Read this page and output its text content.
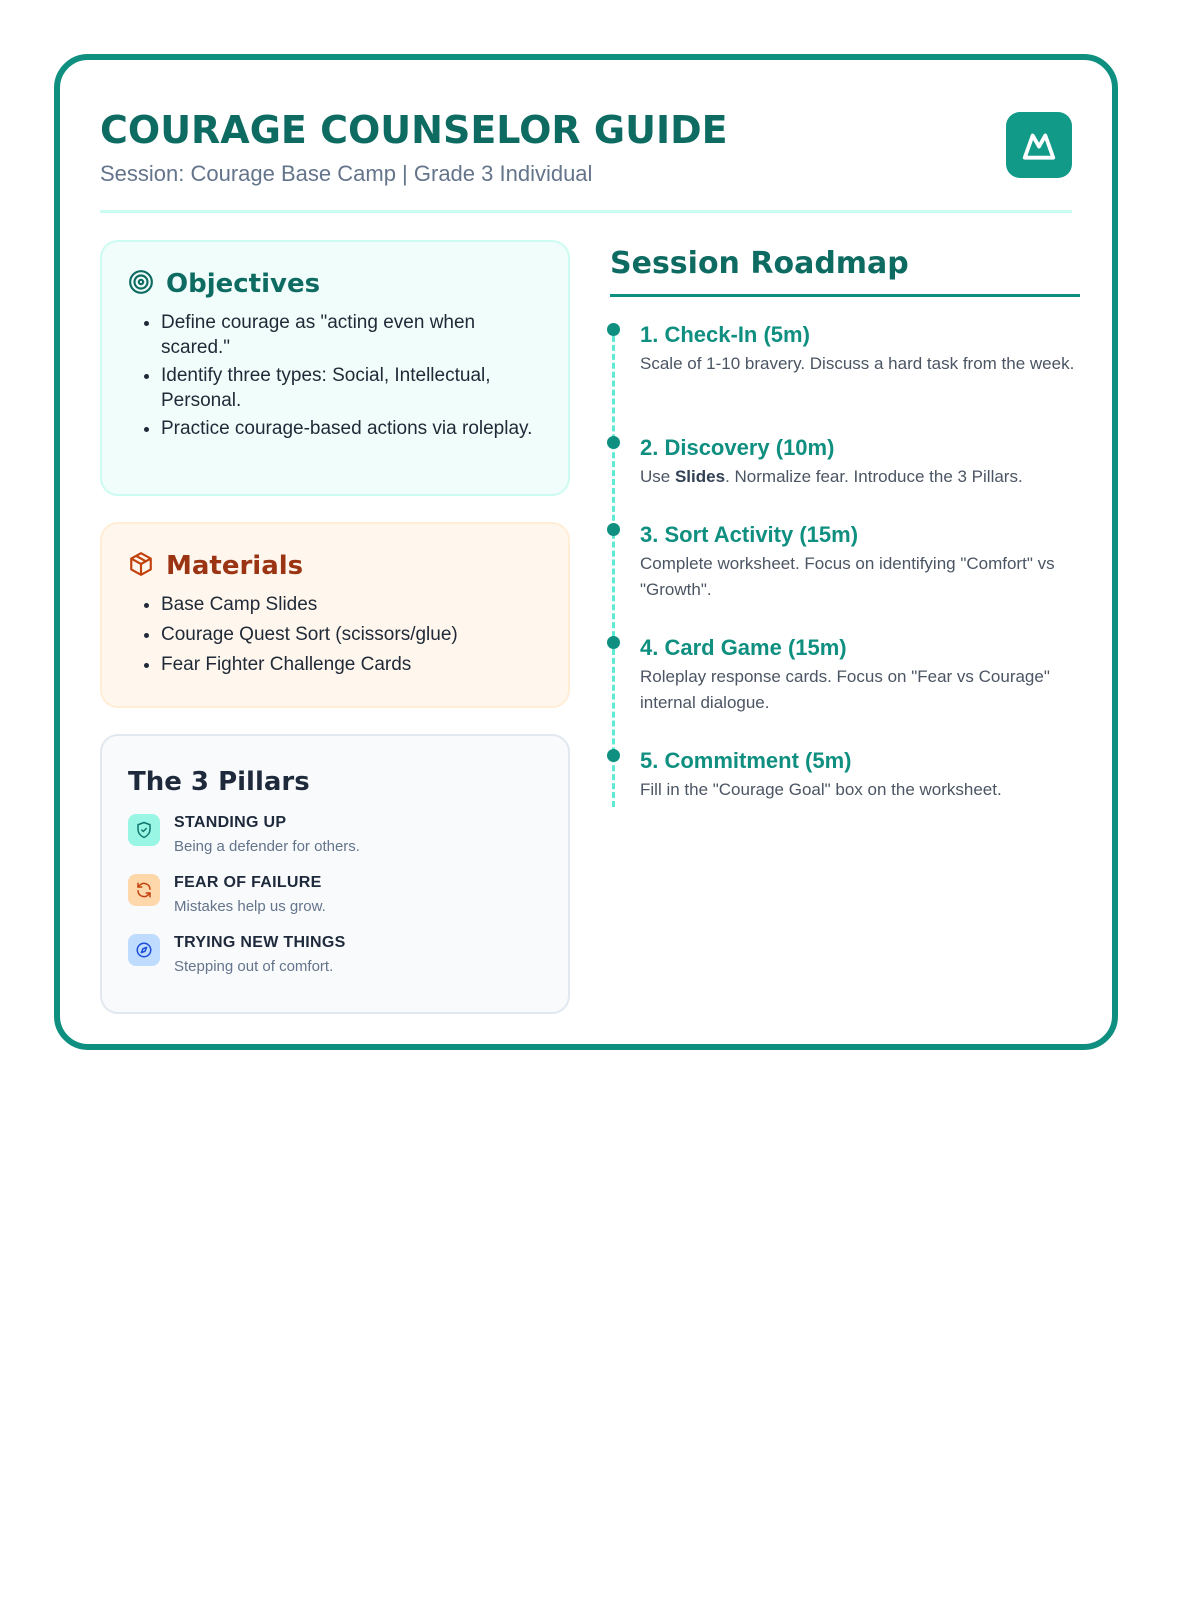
COURAGE COUNSELOR GUIDE
Session: Courage Base Camp | Grade 3 Individual
Objectives
• Define courage as "acting even when scared."
• Identify three types: Social, Intellectual, Personal.
• Practice courage-based actions via roleplay.
Materials
• Base Camp Slides
• Courage Quest Sort (scissors/glue)
• Fear Fighter Challenge Cards
The 3 Pillars
STANDING UP
Being a defender for others.
FEAR OF FAILURE
Mistakes help us grow.
TRYING NEW THINGS
Stepping out of comfort.
Session Roadmap
1. Check-In (5m)
Scale of 1-10 bravery. Discuss a hard task from the week.
2. Discovery (10m)
Use Slides. Normalize fear. Introduce the 3 Pillars.
3. Sort Activity (15m)
Complete worksheet. Focus on identifying "Comfort" vs "Growth".
4. Card Game (15m)
Roleplay response cards. Focus on "Fear vs Courage" internal dialogue.
5. Commitment (5m)
Fill in the "Courage Goal" box on the worksheet.
